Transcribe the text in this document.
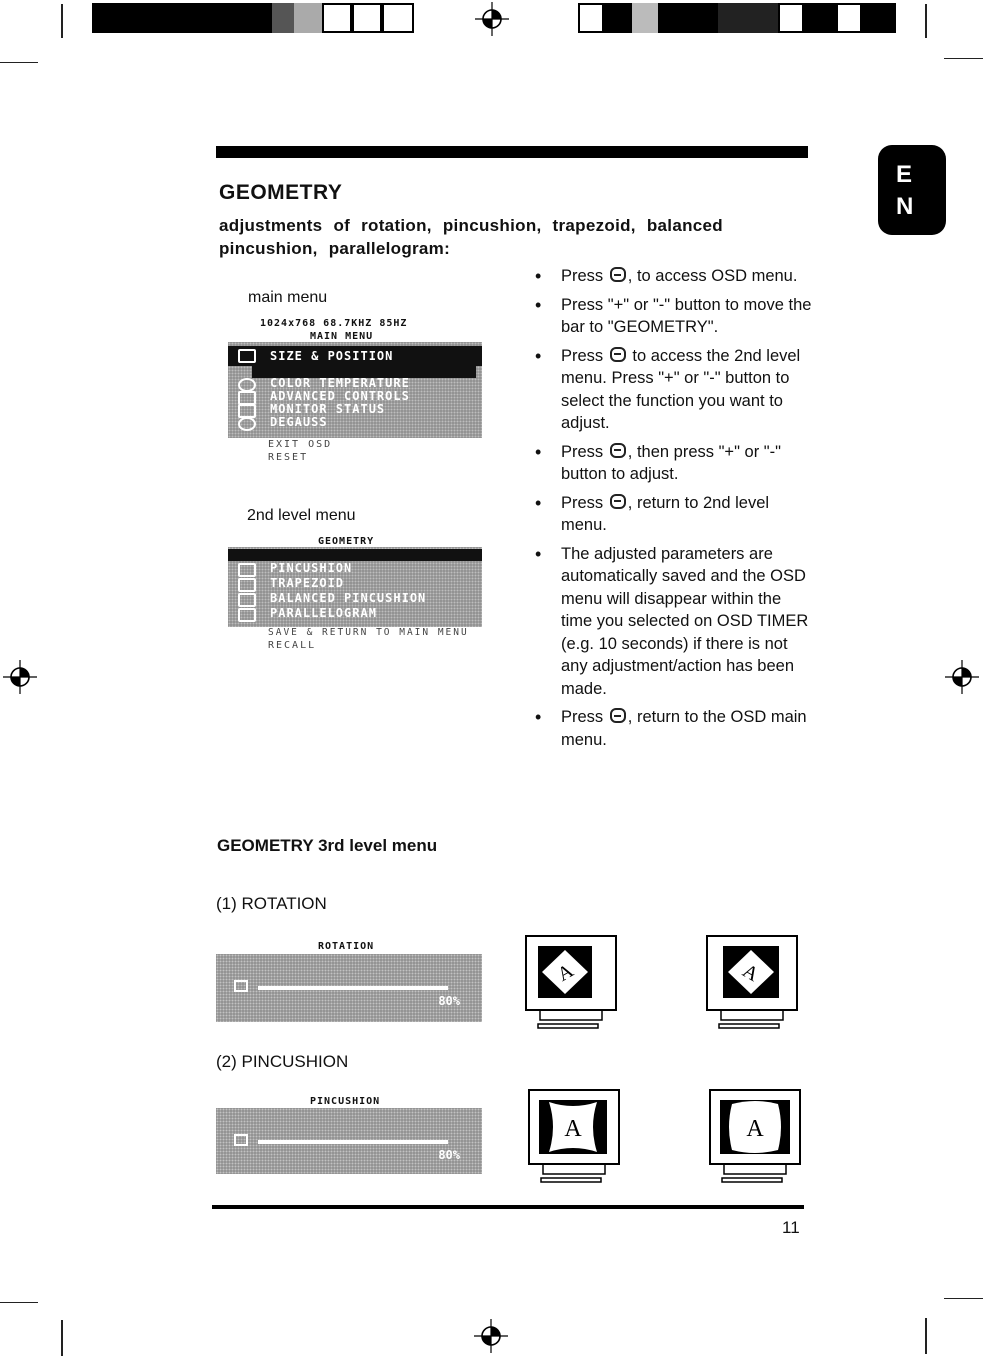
E
N
GEOMETRY
adjustments of rotation, pincushion, trapezoid, balanced pincushion, parallelogram:
main menu
1024x768 68.7KHZ 85HZ
MAIN MENU
SIZE & POSITION
COLOR TEMPERATURE
ADVANCED CONTROLS
MONITOR STATUS
DEGAUSS
EXIT OSD
RESET
2nd level menu
GEOMETRY
PINCUSHION
TRAPEZOID
BALANCED PINCUSHION
PARALLELOGRAM
SAVE & RETURN TO MAIN MENU
RECALL
• Press , to access OSD menu.
• Press "+" or "-" button to move the bar to "GEOMETRY".
• Press  to access the 2nd level menu. Press "+" or "-" button to select the function you want to adjust.
• Press , then press "+" or "-" button to adjust.
• Press , return to 2nd level menu.
• The adjusted parameters are automatically saved and the OSD menu will disappear within the time you selected on OSD TIMER (e.g. 10 seconds) if there is not any adjustment/action has been made.
• Press , return to the OSD main menu.
GEOMETRY 3rd level menu
(1) ROTATION
ROTATION
80%
A	A
(2) PINCUSHION
PINCUSHION
80%
A	A
11
